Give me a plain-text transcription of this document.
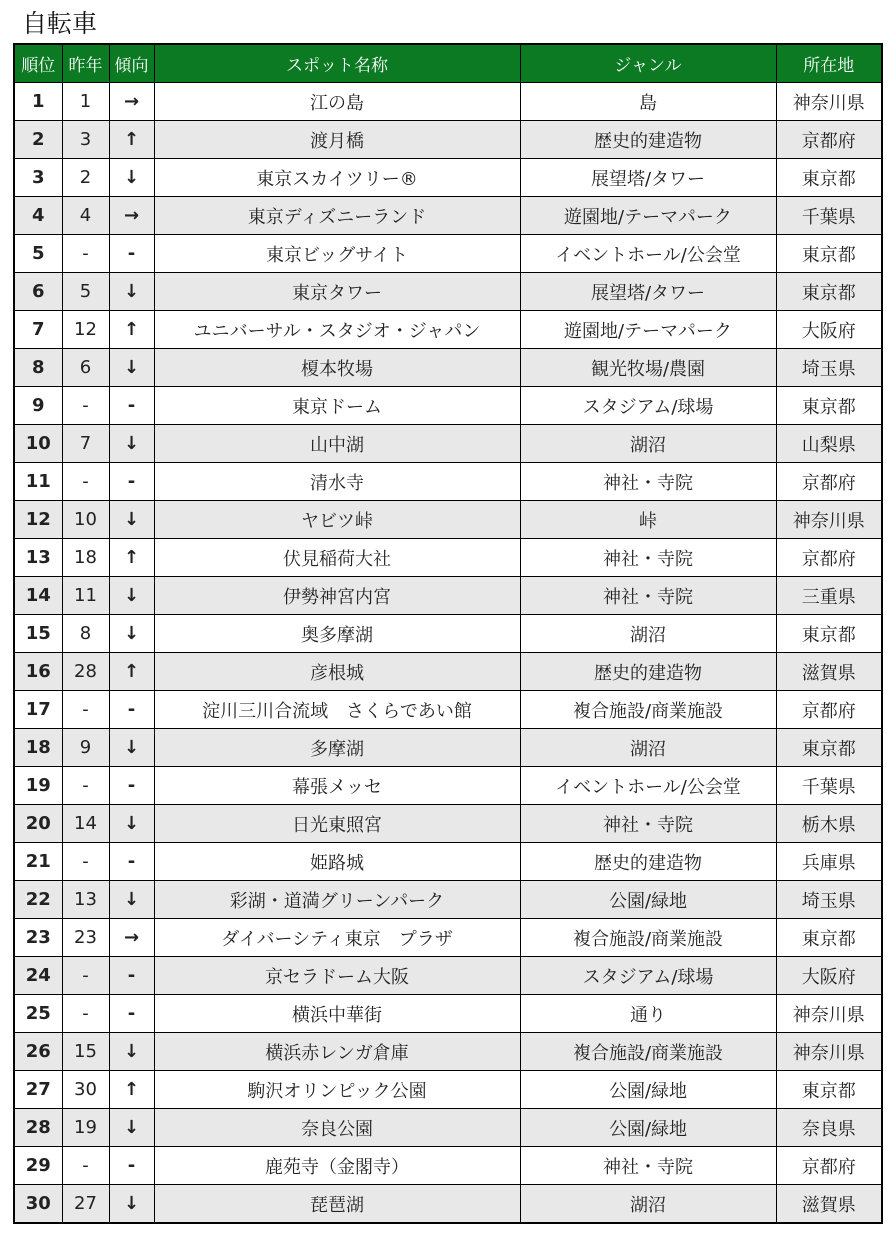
自転車
順位	昨年	傾向	スポット名称	ジャンル	所在地
1	1	→	江の島	島	神奈川県
2	3	↑	渡月橋	歴史的建造物	京都府
3	2	↓	東京スカイツリー®	展望塔/タワー	東京都
4	4	→	東京ディズニーランド	遊園地/テーマパーク	千葉県
5	-	-	東京ビッグサイト	イベントホール/公会堂	東京都
6	5	↓	東京タワー	展望塔/タワー	東京都
7	12	↑	ユニバーサル・スタジオ・ジャパン	遊園地/テーマパーク	大阪府
8	6	↓	榎本牧場	観光牧場/農園	埼玉県
9	-	-	東京ドーム	スタジアム/球場	東京都
10	7	↓	山中湖	湖沼	山梨県
11	-	-	清水寺	神社・寺院	京都府
12	10	↓	ヤビツ峠	峠	神奈川県
13	18	↑	伏見稲荷大社	神社・寺院	京都府
14	11	↓	伊勢神宮内宮	神社・寺院	三重県
15	8	↓	奥多摩湖	湖沼	東京都
16	28	↑	彦根城	歴史的建造物	滋賀県
17	-	-	淀川三川合流域　さくらであい館	複合施設/商業施設	京都府
18	9	↓	多摩湖	湖沼	東京都
19	-	-	幕張メッセ	イベントホール/公会堂	千葉県
20	14	↓	日光東照宮	神社・寺院	栃木県
21	-	-	姫路城	歴史的建造物	兵庫県
22	13	↓	彩湖・道満グリーンパーク	公園/緑地	埼玉県
23	23	→	ダイバーシティ東京　プラザ	複合施設/商業施設	東京都
24	-	-	京セラドーム大阪	スタジアム/球場	大阪府
25	-	-	横浜中華街	通り	神奈川県
26	15	↓	横浜赤レンガ倉庫	複合施設/商業施設	神奈川県
27	30	↑	駒沢オリンピック公園	公園/緑地	東京都
28	19	↓	奈良公園	公園/緑地	奈良県
29	-	-	鹿苑寺（金閣寺）	神社・寺院	京都府
30	27	↓	琵琶湖	湖沼	滋賀県
